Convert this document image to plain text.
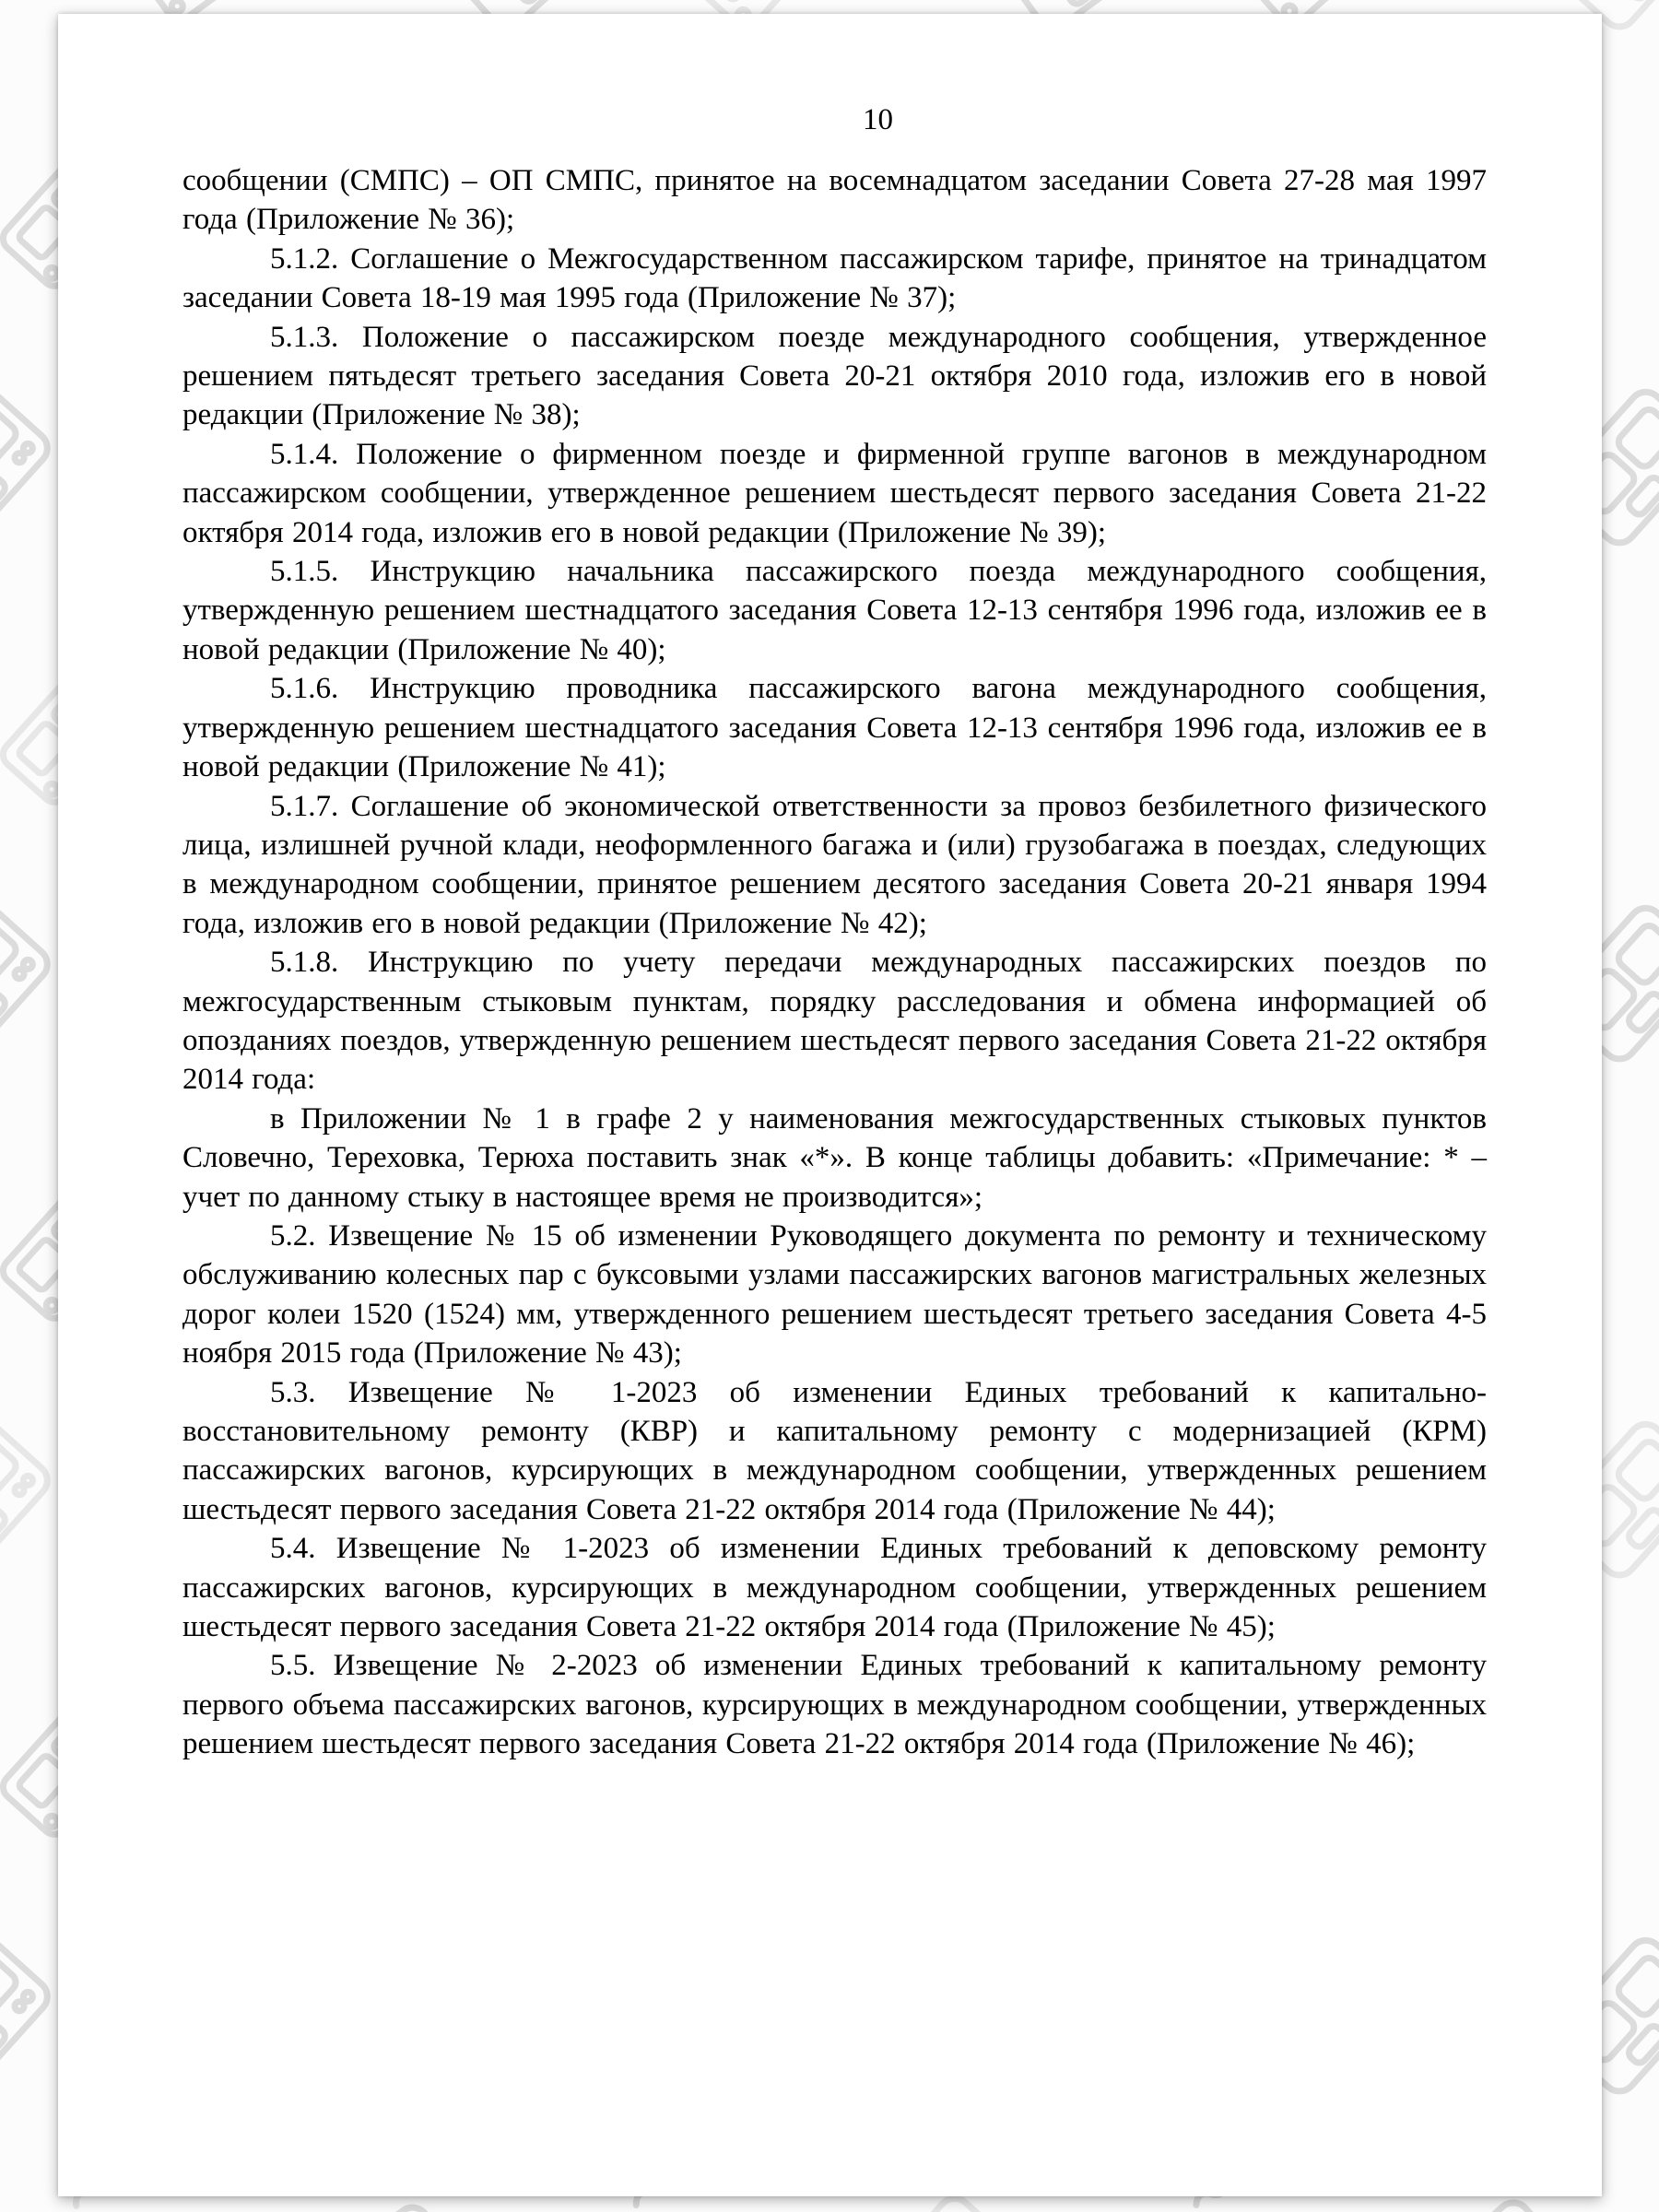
10

сообщении (СМПС) – ОП СМПС, принятое на восемнадцатом заседании Совета 27-28 мая 1997 года (Приложение № 36);

5.1.2. Соглашение о Межгосударственном пассажирском тарифе, принятое на тринадцатом заседании Совета 18-19 мая 1995 года (Приложение № 37);

5.1.3. Положение о пассажирском поезде международного сообщения, утвержденное решением пятьдесят третьего заседания Совета 20-21 октября 2010 года, изложив его в новой редакции (Приложение № 38);

5.1.4. Положение о фирменном поезде и фирменной группе вагонов в международном пассажирском сообщении, утвержденное решением шестьдесят первого заседания Совета 21-22 октября 2014 года, изложив его в новой редакции (Приложение № 39);

5.1.5. Инструкцию начальника пассажирского поезда международного сообщения, утвержденную решением шестнадцатого заседания Совета 12-13 сентября 1996 года, изложив ее в новой редакции (Приложение № 40);

5.1.6. Инструкцию проводника пассажирского вагона международного сообщения, утвержденную решением шестнадцатого заседания Совета 12-13 сентября 1996 года, изложив ее в новой редакции (Приложение № 41);

5.1.7. Соглашение об экономической ответственности за провоз безбилетного физического лица, излишней ручной клади, неоформленного багажа и (или) грузобагажа в поездах, следующих в международном сообщении, принятое решением десятого заседания Совета 20-21 января 1994 года, изложив его в новой редакции (Приложение № 42);

5.1.8. Инструкцию по учету передачи международных пассажирских поездов по межгосударственным стыковым пунктам, порядку расследования и обмена информацией об опозданиях поездов, утвержденную решением шестьдесят первого заседания Совета 21-22 октября 2014 года:

в Приложении № 1 в графе 2 у наименования межгосударственных стыковых пунктов Словечно, Тереховка, Терюха поставить знак «*». В конце таблицы добавить: «Примечание: * – учет по данному стыку в настоящее время не производится»;

5.2. Извещение № 15 об изменении Руководящего документа по ремонту и техническому обслуживанию колесных пар с буксовыми узлами пассажирских вагонов магистральных железных дорог колеи 1520 (1524) мм, утвержденного решением шестьдесят третьего заседания Совета 4-5 ноября 2015 года (Приложение № 43);

5.3. Извещение № 1-2023 об изменении Единых требований к капитально-восстановительному ремонту (КВР) и капитальному ремонту с модернизацией (КРМ) пассажирских вагонов, курсирующих в международном сообщении, утвержденных решением шестьдесят первого заседания Совета 21-22 октября 2014 года (Приложение № 44);

5.4. Извещение № 1-2023 об изменении Единых требований к деповскому ремонту пассажирских вагонов, курсирующих в международном сообщении, утвержденных решением шестьдесят первого заседания Совета 21-22 октября 2014 года (Приложение № 45);

5.5. Извещение № 2-2023 об изменении Единых требований к капитальному ремонту первого объема пассажирских вагонов, курсирующих в международном сообщении, утвержденных решением шестьдесят первого заседания Совета 21-22 октября 2014 года (Приложение № 46);
